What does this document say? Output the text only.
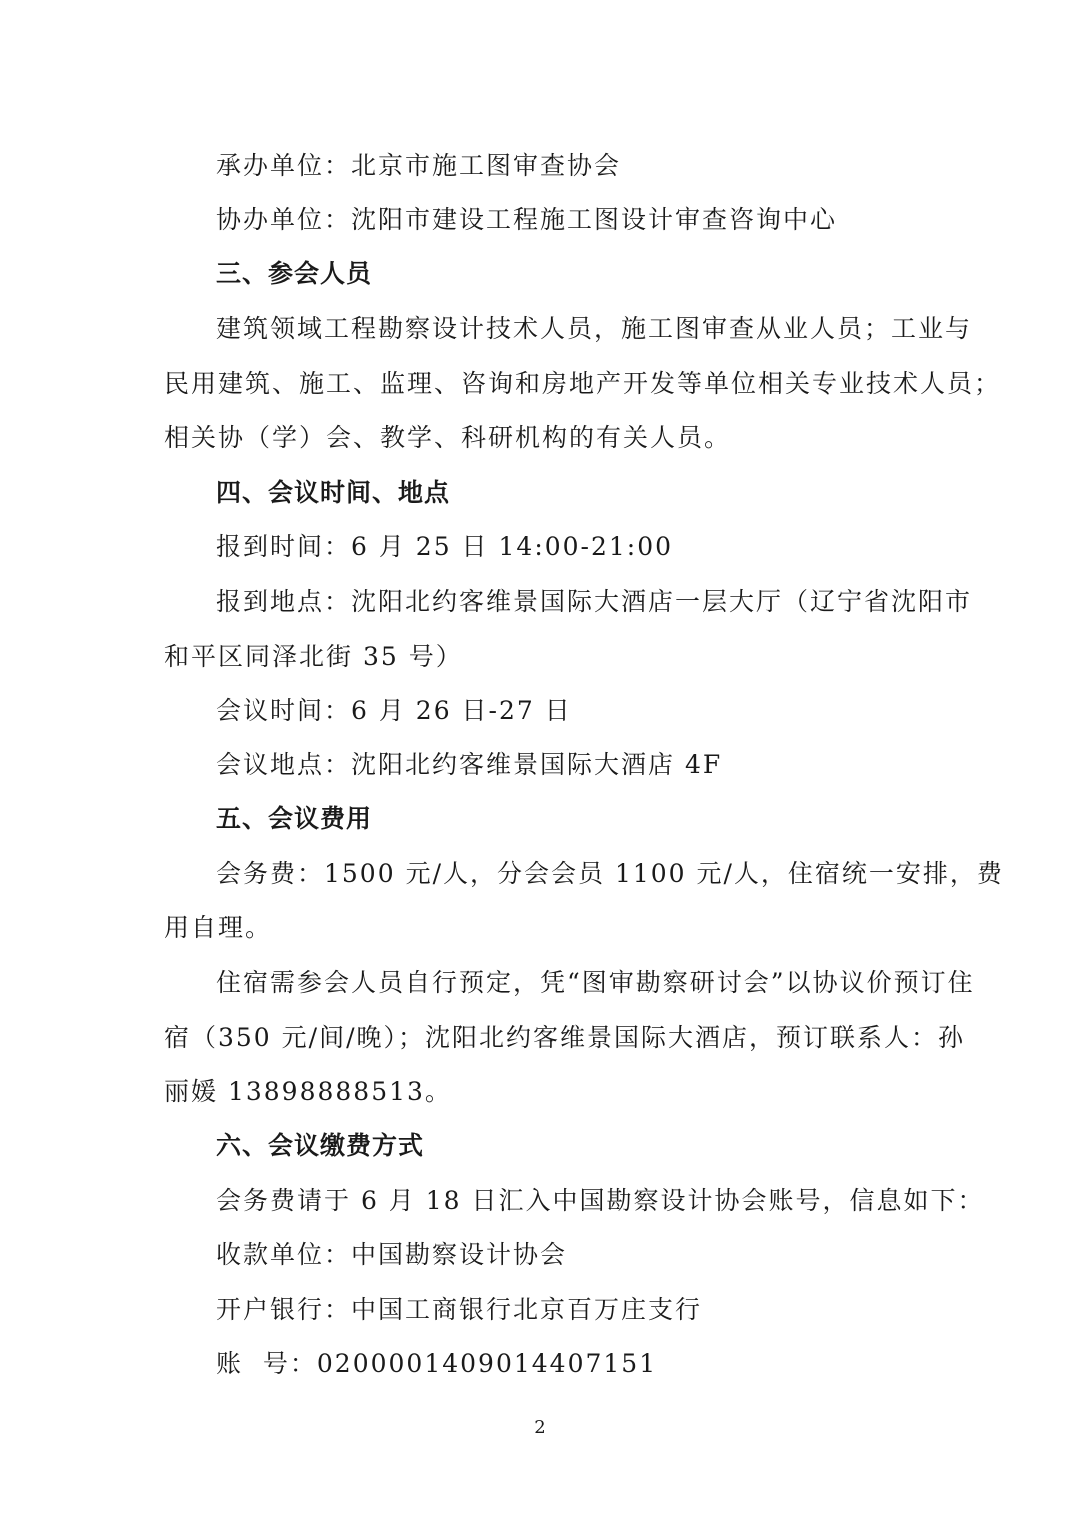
承办单位：北京市施工图审查协会
协办单位：沈阳市建设工程施工图设计审查咨询中心
三、参会人员
建筑领域工程勘察设计技术人员，施工图审查从业人员；工业与
民用建筑、施工、监理、咨询和房地产开发等单位相关专业技术人员；
相关协（学）会、教学、科研机构的有关人员。
四、会议时间、地点
报到时间：6 月 25 日 14:00-21:00
报到地点：沈阳北约客维景国际大酒店一层大厅（辽宁省沈阳市
和平区同泽北街 35 号）
会议时间：6 月 26 日-27 日
会议地点：沈阳北约客维景国际大酒店 4F
五、会议费用
会务费：1500 元/人，分会会员 1100 元/人，住宿统一安排，费
用自理。
住宿需参会人员自行预定，凭“图审勘察研讨会”以协议价预订住
宿（350 元/间/晚）；沈阳北约客维景国际大酒店，预订联系人：孙
丽媛 13898888513。
六、会议缴费方式
会务费请于 6 月 18 日汇入中国勘察设计协会账号，信息如下：
收款单位：中国勘察设计协会
开户银行：中国工商银行北京百万庄支行
账  号：0200001409014407151
2
